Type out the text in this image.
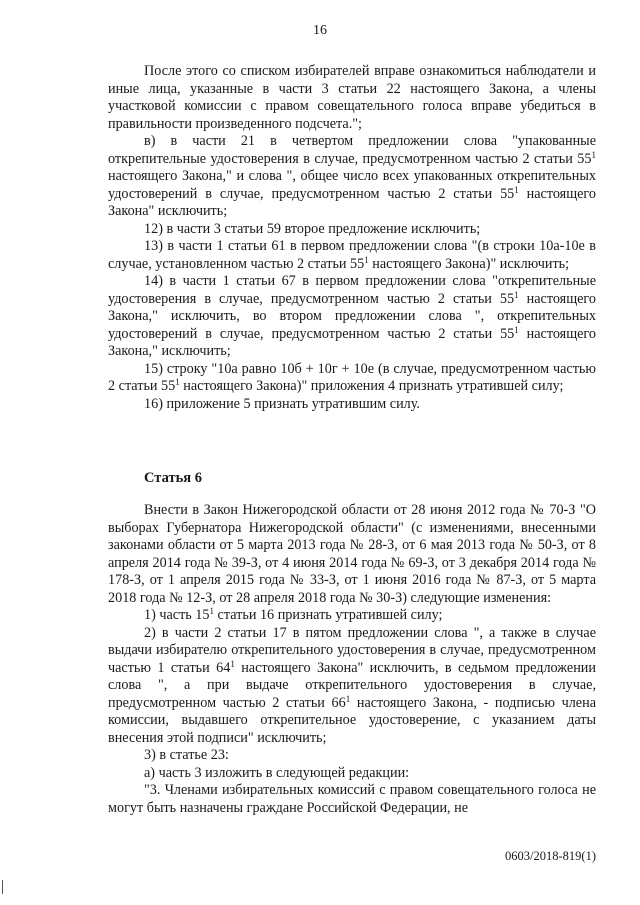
16

После этого со списком избирателей вправе ознакомиться наблюдатели и иные лица, указанные в части 3 статьи 22 настоящего Закона, а члены участковой комиссии с правом совещательного голоса вправе убедиться в правильности произведенного подсчета.";

в) в части 21 в четвертом предложении слова "упакованные открепительные удостоверения в случае, предусмотренном частью 2 статьи $55^1$ настоящего Закона," и слова ", общее число всех упакованных открепительных удостоверений в случае, предусмотренном частью 2 статьи $55^1$ настоящего Закона" исключить;

12) в части 3 статьи 59 второе предложение исключить;

13) в части 1 статьи 61 в первом предложении слова "(в строки 10а-10е в случае, установленном частью 2 статьи $55^1$ настоящего Закона)" исключить;

14) в части 1 статьи 67 в первом предложении слова "открепительные удостоверения в случае, предусмотренном частью 2 статьи $55^1$ настоящего Закона," исключить, во втором предложении слова ", открепительных удостоверений в случае, предусмотренном частью 2 статьи $55^1$ настоящего Закона," исключить;

15) строку "10а равно 10б + 10г + 10е (в случае, предусмотренном частью 2 статьи $55^1$ настоящего Закона)" приложения 4 признать утратившей силу;

16) приложение 5 признать утратившим силу.

Статья 6

Внести в Закон Нижегородской области от 28 июня 2012 года № 70-З "О выборах Губернатора Нижегородской области" (с изменениями, внесенными законами области от 5 марта 2013 года № 28-З, от 6 мая 2013 года № 50-З, от 8 апреля 2014 года № 39-З, от 4 июня 2014 года № 69-З, от 3 декабря 2014 года № 178-З, от 1 апреля 2015 года № 33-З, от 1 июня 2016 года № 87-З, от 5 марта 2018 года № 12-З, от 28 апреля 2018 года № 30-З) следующие изменения:

1) часть $15^1$ статьи 16 признать утратившей силу;

2) в части 2 статьи 17 в пятом предложении слова ", а также в случае выдачи избирателю открепительного удостоверения в случае, предусмотренном частью 1 статьи $64^1$ настоящего Закона" исключить, в седьмом предложении слова ", а при выдаче открепительного удостоверения в случае, предусмотренном частью 2 статьи $66^1$ настоящего Закона, - подписью члена комиссии, выдавшего открепительное удостоверение, с указанием даты внесения этой подписи" исключить;

3) в статье 23:

а) часть 3 изложить в следующей редакции:

"3. Членами избирательных комиссий с правом совещательного голоса не могут быть назначены граждане Российской Федерации, не

0603/2018-819(1)
